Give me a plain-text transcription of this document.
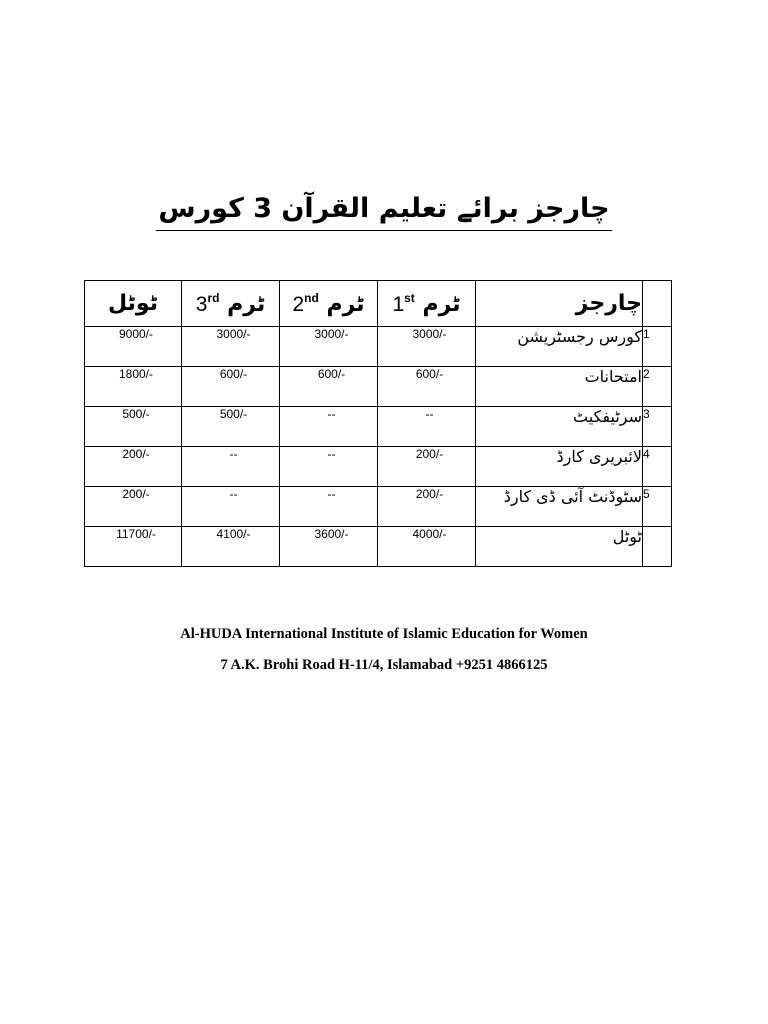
چارجز برائے تعلیم القرآن 3 کورس
ٹوٹل	3rd ٹرم	2nd ٹرم	1st ٹرم	چارجز	
9000/-	3000/-	3000/-	3000/-	کورس رجسٹریشن	1
1800/-	600/-	600/-	600/-	امتحانات	2
500/-	500/-	--	--	سرٹیفکیٹ	3
200/-	--	--	200/-	لائبریری کارڈ	4
200/-	--	--	200/-	سٹوڈنٹ آئی ڈی کارڈ	5
11700/-	4100/-	3600/-	4000/-	ٹوٹل	
Al-HUDA International Institute of Islamic Education for Women
7 A.K. Brohi Road H-11/4, Islamabad +9251 4866125
